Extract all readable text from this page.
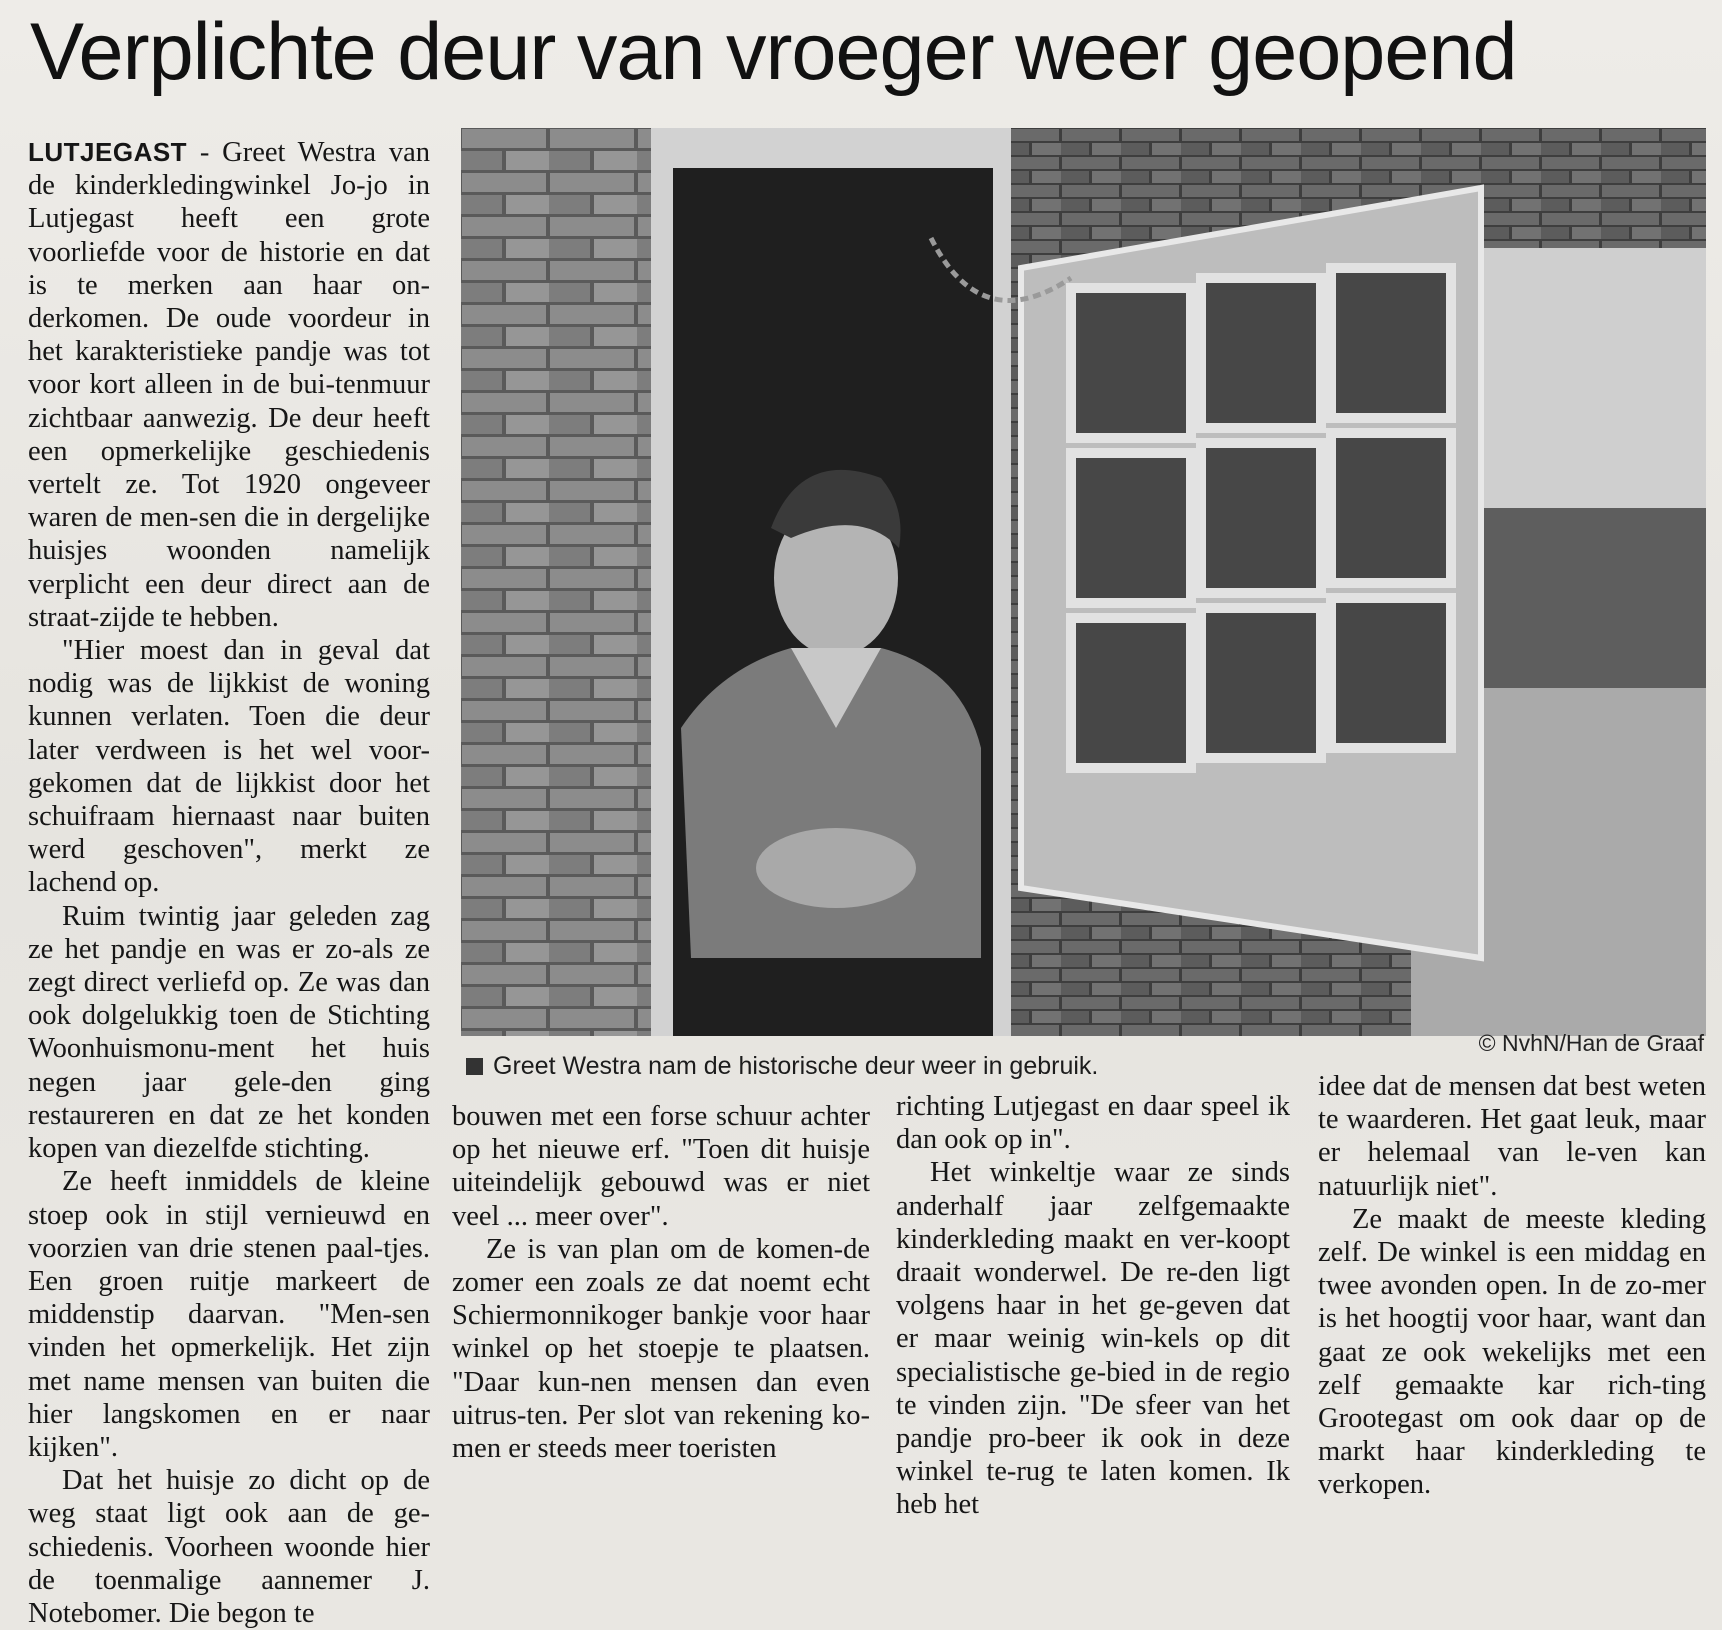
Verplichte deur van vroeger weer geopend

LUTJEGAST - Greet Westra van de kinderkledingwinkel Jo-jo in Lutjegast heeft een grote voorliefde voor de historie en dat is te merken aan haar on-derkomen. De oude voordeur in het karakteristieke pandje was tot voor kort alleen in de bui-tenmuur zichtbaar aanwezig. De deur heeft een opmerkelijke geschiedenis vertelt ze. Tot 1920 ongeveer waren de men-sen die in dergelijke huisjes woonden namelijk verplicht een deur direct aan de straat-zijde te hebben.

"Hier moest dan in geval dat nodig was de lijkkist de woning kunnen verlaten. Toen die deur later verdween is het wel voor-gekomen dat de lijkkist door het schuifraam hiernaast naar buiten werd geschoven", merkt ze lachend op.

Ruim twintig jaar geleden zag ze het pandje en was er zo-als ze zegt direct verliefd op. Ze was dan ook dolgelukkig toen de Stichting Woonhuismonu-ment het huis negen jaar gele-den ging restaureren en dat ze het konden kopen van diezelfde stichting.

Ze heeft inmiddels de kleine stoep ook in stijl vernieuwd en voorzien van drie stenen paal-tjes. Een groen ruitje markeert de middenstip daarvan. "Men-sen vinden het opmerkelijk. Het zijn met name mensen van buiten die hier langskomen en er naar kijken".

Dat het huisje zo dicht op de weg staat ligt ook aan de ge-schiedenis. Voorheen woonde hier de toenmalige aannemer J. Notebomer. Die begon te

© NvhN/Han de Graaf
Greet Westra nam de historische deur weer in gebruik.

bouwen met een forse schuur achter op het nieuwe erf. "Toen dit huisje uiteindelijk gebouwd was er niet veel ... meer over".

Ze is van plan om de komen-de zomer een zoals ze dat noemt echt Schiermonnikoger bankje voor haar winkel op het stoepje te plaatsen. "Daar kun-nen mensen dan even uitrus-ten. Per slot van rekening ko-men er steeds meer toeristen

richting Lutjegast en daar speel ik dan ook op in".

Het winkeltje waar ze sinds anderhalf jaar zelfgemaakte kinderkleding maakt en ver-koopt draait wonderwel. De re-den ligt volgens haar in het ge-geven dat er maar weinig win-kels op dit specialistische ge-bied in de regio te vinden zijn. "De sfeer van het pandje pro-beer ik ook in deze winkel te-rug te laten komen. Ik heb het

idee dat de mensen dat best weten te waarderen. Het gaat leuk, maar er helemaal van le-ven kan natuurlijk niet".

Ze maakt de meeste kleding zelf. De winkel is een middag en twee avonden open. In de zo-mer is het hoogtij voor haar, want dan gaat ze ook wekelijks met een zelf gemaakte kar rich-ting Grootegast om ook daar op de markt haar kinderkleding te verkopen.
